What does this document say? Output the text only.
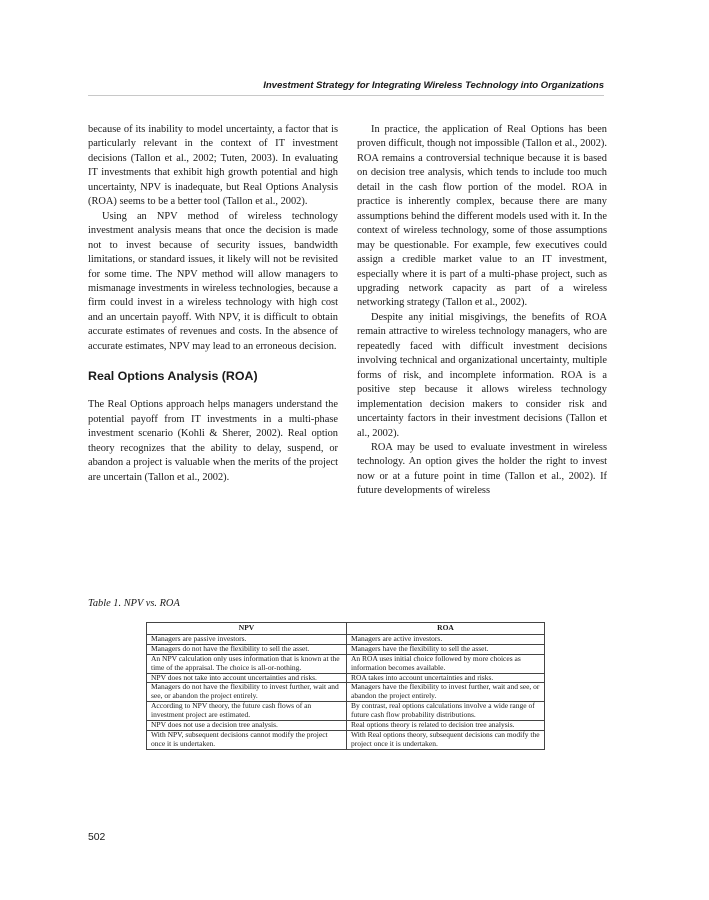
Investment Strategy for Integrating Wireless Technology into Organizations

because of its inability to model uncertainty, a factor that is particularly relevant in the context of IT investment decisions (Tallon et al., 2002; Tuten, 2003). In evaluating IT investments that exhibit high growth potential and high uncertainty, NPV is inadequate, but Real Options Analysis (ROA) seems to be a better tool (Tallon et al., 2002).

Using an NPV method of wireless technology investment analysis means that once the decision is made not to invest because of security issues, bandwidth limitations, or standard issues, it likely will not be revisited for some time. The NPV method will allow managers to mismanage investments in wireless technologies, because a firm could invest in a wireless technology with high cost and an uncertain payoff. With NPV, it is difficult to obtain accurate estimates of revenues and costs. In the absence of accurate estimates, NPV may lead to an erroneous decision.

Real Options Analysis (ROA)

The Real Options approach helps managers understand the potential payoff from IT investments in a multi-phase investment scenario (Kohli & Sherer, 2002). Real option theory recognizes that the ability to delay, suspend, or abandon a project is valuable when the merits of the project are uncertain (Tallon et al., 2002).

In practice, the application of Real Options has been proven difficult, though not impossible (Tallon et al., 2002). ROA remains a controversial technique because it is based on decision tree analysis, which tends to include too much detail in the cash flow portion of the model. ROA in practice is inherently complex, because there are many assumptions behind the different models used with it. In the context of wireless technology, some of those assumptions may be questionable. For example, few executives could assign a credible market value to an IT investment, especially where it is part of a multi-phase project, such as upgrading network capacity as part of a wireless networking strategy (Tallon et al., 2002).

Despite any initial misgivings, the benefits of ROA remain attractive to wireless technology managers, who are repeatedly faced with difficult investment decisions involving technical and organizational uncertainty, multiple forms of risk, and incomplete information. ROA is a positive step because it allows wireless technology implementation decision makers to consider risk and uncertainty factors in their investment decisions (Tallon et al., 2002).

ROA may be used to evaluate investment in wireless technology. An option gives the holder the right to invest now or at a future point in time (Tallon et al., 2002). If future developments of wireless

Table 1. NPV vs. ROA
NPV	ROA
Managers are passive investors.	Managers are active investors.
Managers do not have the flexibility to sell the asset.	Managers have the flexibility to sell the asset.
An NPV calculation only uses information that is known at the time of the appraisal. The choice is all-or-nothing.	An ROA uses initial choice followed by more choices as information becomes available.
NPV does not take into account uncertainties and risks.	ROA takes into account uncertainties and risks.
Managers do not have the flexibility to invest further, wait and see, or abandon the project entirely.	Managers have the flexibility to invest further, wait and see, or abandon the project entirely.
According to NPV theory, the future cash flows of an investment project are estimated.	By contrast, real options calculations involve a wide range of future cash flow probability distributions.
NPV does not use a decision tree analysis.	Real options theory is related to decision tree analysis.
With NPV, subsequent decisions cannot modify the project once it is undertaken.	With Real options theory, subsequent decisions can modify the project once it is undertaken.
502
